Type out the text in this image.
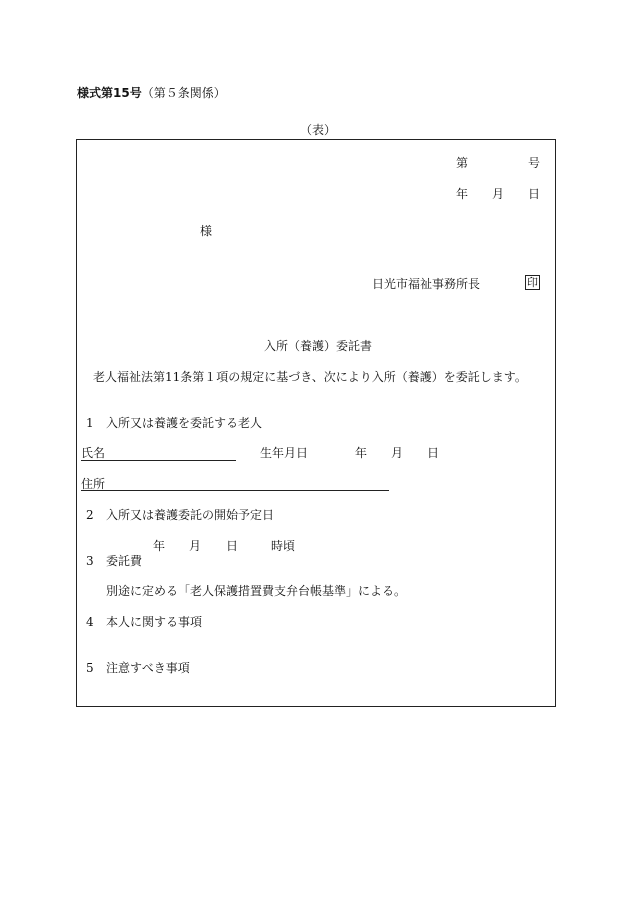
様式第15号（第５条関係）
（表）
第	号
年 月 日
様
日光市福祉事務所長	印
入所（養護）委託書
老人福祉法第11条第１項の規定に基づき、次により入所（養護）を委託します。
1 入所又は養護を委託する老人
氏名	生年月日	年 月 日
住所
2 入所又は養護委託の開始予定日
年 月 日	時頃
3 委託費
別途に定める「老人保護措置費支弁台帳基準」による。
4 本人に関する事項
5 注意すべき事項
